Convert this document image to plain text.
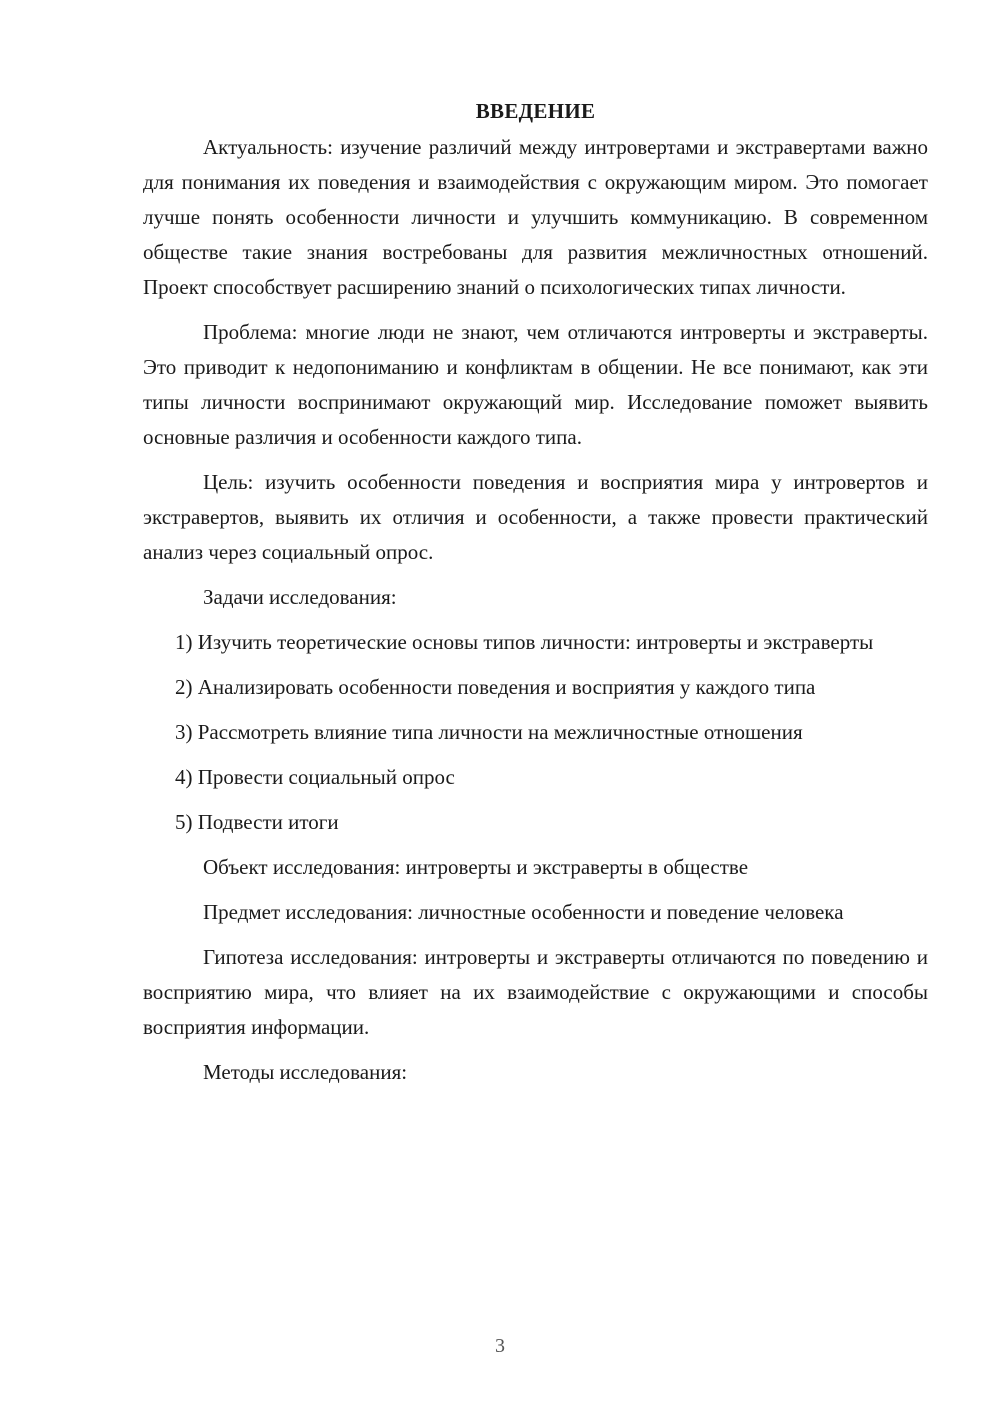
ВВЕДЕНИЕ

Актуальность: изучение различий между интровертами и экстравертами важно для понимания их поведения и взаимодействия с окружающим миром. Это помогает лучше понять особенности личности и улучшить коммуникацию. В современном обществе такие знания востребованы для развития межличностных отношений. Проект способствует расширению знаний о психологических типах личности.

Проблема: многие люди не знают, чем отличаются интроверты и экстраверты. Это приводит к недопониманию и конфликтам в общении. Не все понимают, как эти типы личности воспринимают окружающий мир. Исследование поможет выявить основные различия и особенности каждого типа.

Цель: изучить особенности поведения и восприятия мира у интровертов и экстравертов, выявить их отличия и особенности, а также провести практический анализ через социальный опрос.

Задачи исследования:

1) Изучить теоретические основы типов личности: интроверты и экстраверты

2) Анализировать особенности поведения и восприятия у каждого типа

3) Рассмотреть влияние типа личности на межличностные отношения

4) Провести социальный опрос

5) Подвести итоги

Объект исследования: интроверты и экстраверты в обществе

Предмет исследования: личностные особенности и поведение человека

Гипотеза исследования: интроверты и экстраверты отличаются по поведению и восприятию мира, что влияет на их взаимодействие с окружающими и способы восприятия информации.

Методы исследования:

3
